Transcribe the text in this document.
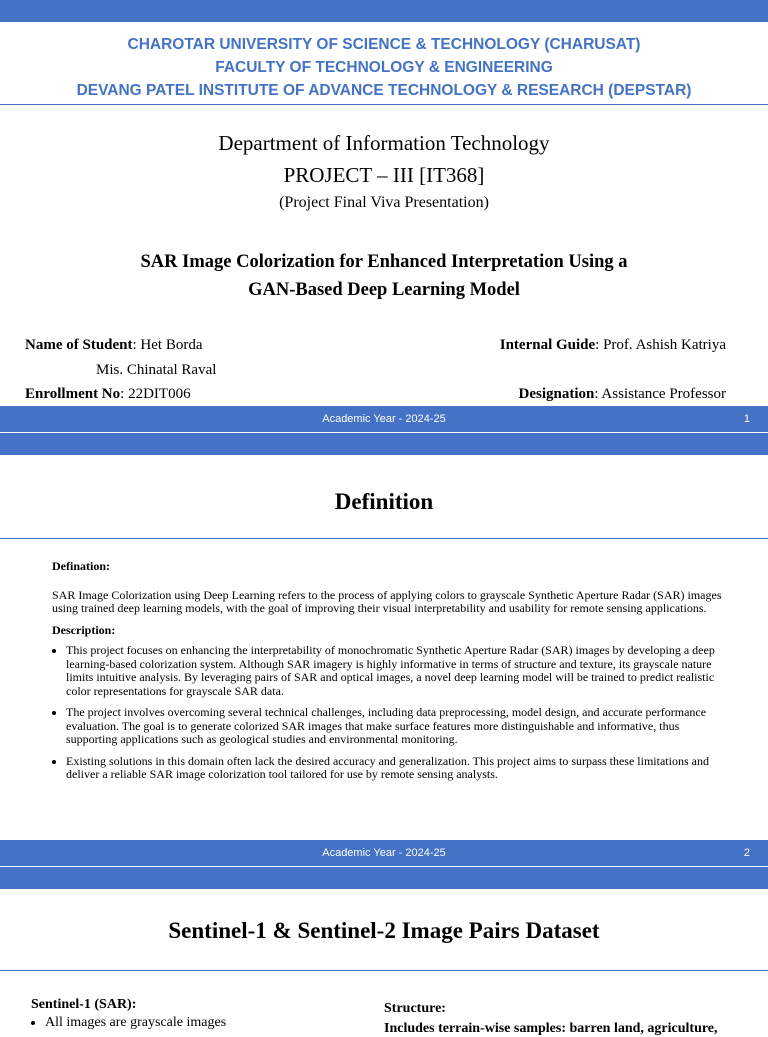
CHAROTAR UNIVERSITY OF SCIENCE & TECHNOLOGY (CHARUSAT)
FACULTY OF TECHNOLOGY & ENGINEERING
DEVANG PATEL INSTITUTE OF ADVANCE TECHNOLOGY & RESEARCH (DEPSTAR)
Department of Information Technology
PROJECT – III [IT368]
(Project Final Viva Presentation)
SAR Image Colorization for Enhanced Interpretation Using a
GAN-Based Deep Learning Model
Name of Student: Het Borda
Mis. Chinatal Raval
Enrollment No: 22DIT006
Internal Guide: Prof. Ashish Katriya
Designation: Assistance Professor
Academic Year - 2024-25	1
Definition
Defination:

SAR Image Colorization using Deep Learning refers to the process of applying colors to grayscale Synthetic Aperture Radar (SAR) images using trained deep learning models, with the goal of improving their visual interpretability and usability for remote sensing applications.

Description:
• This project focuses on enhancing the interpretability of monochromatic Synthetic Aperture Radar (SAR) images by developing a deep learning-based colorization system. Although SAR imagery is highly informative in terms of structure and texture, its grayscale nature limits intuitive analysis. By leveraging pairs of SAR and optical images, a novel deep learning model will be trained to predict realistic color representations for grayscale SAR data.
• The project involves overcoming several technical challenges, including data preprocessing, model design, and accurate performance evaluation. The goal is to generate colorized SAR images that make surface features more distinguishable and informative, thus supporting applications such as geological studies and environmental monitoring.
• Existing solutions in this domain often lack the desired accuracy and generalization. This project aims to surpass these limitations and deliver a reliable SAR image colorization tool tailored for use by remote sensing analysts.
Academic Year - 2024-25	2
Sentinel-1 & Sentinel-2 Image Pairs Dataset
Sentinel-1 (SAR):
• All images are grayscale images
Structure:
Includes terrain-wise samples: barren land, agriculture,
